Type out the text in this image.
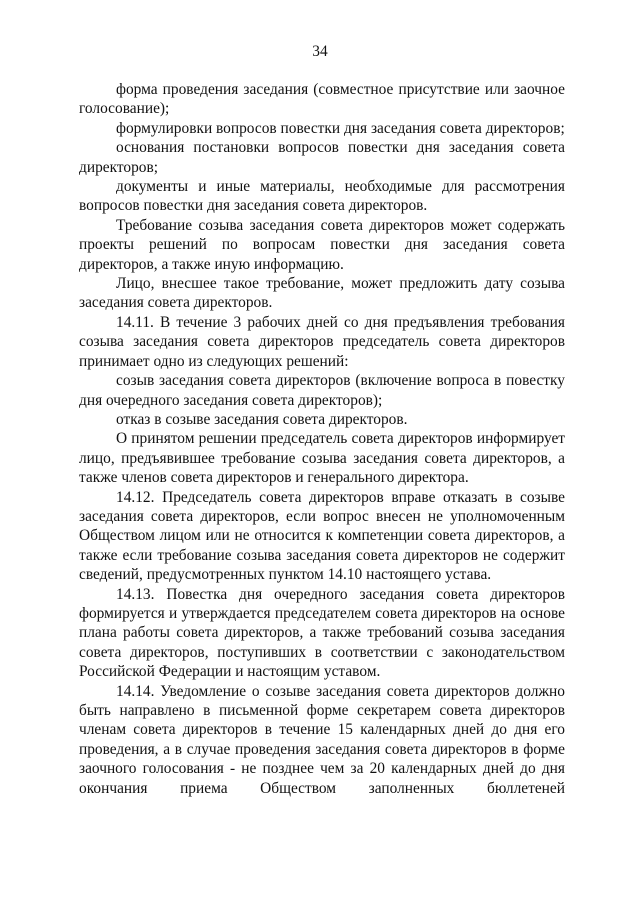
34

форма проведения заседания (совместное присутствие или заочное голосование);

формулировки вопросов повестки дня заседания совета директоров;

основания постановки вопросов повестки дня заседания совета директоров;

документы и иные материалы, необходимые для рассмотрения вопросов повестки дня заседания совета директоров.

Требование созыва заседания совета директоров может содержать проекты решений по вопросам повестки дня заседания совета директоров, а также иную информацию.

Лицо, внесшее такое требование, может предложить дату созыва заседания совета директоров.

14.11. В течение 3 рабочих дней со дня предъявления требования созыва заседания совета директоров председатель совета директоров принимает одно из следующих решений:

созыв заседания совета директоров (включение вопроса в повестку дня очередного заседания совета директоров);

отказ в созыве заседания совета директоров.

О принятом решении председатель совета директоров информирует лицо, предъявившее требование созыва заседания совета директоров, а также членов совета директоров и генерального директора.

14.12. Председатель совета директоров вправе отказать в созыве заседания совета директоров, если вопрос внесен не уполномоченным Обществом лицом или не относится к компетенции совета директоров, а также если требование созыва заседания совета директоров не содержит сведений, предусмотренных пунктом 14.10 настоящего устава.

14.13. Повестка дня очередного заседания совета директоров формируется и утверждается председателем совета директоров на основе плана работы совета директоров, а также требований созыва заседания совета директоров, поступивших в соответствии с законодательством Российской Федерации и настоящим уставом.

14.14. Уведомление о созыве заседания совета директоров должно быть направлено в письменной форме секретарем совета директоров членам совета директоров в течение 15 календарных дней до дня его проведения, а в случае проведения заседания совета директоров в форме заочного голосования - не позднее чем за 20 календарных дней до дня окончания приема Обществом заполненных бюллетеней
